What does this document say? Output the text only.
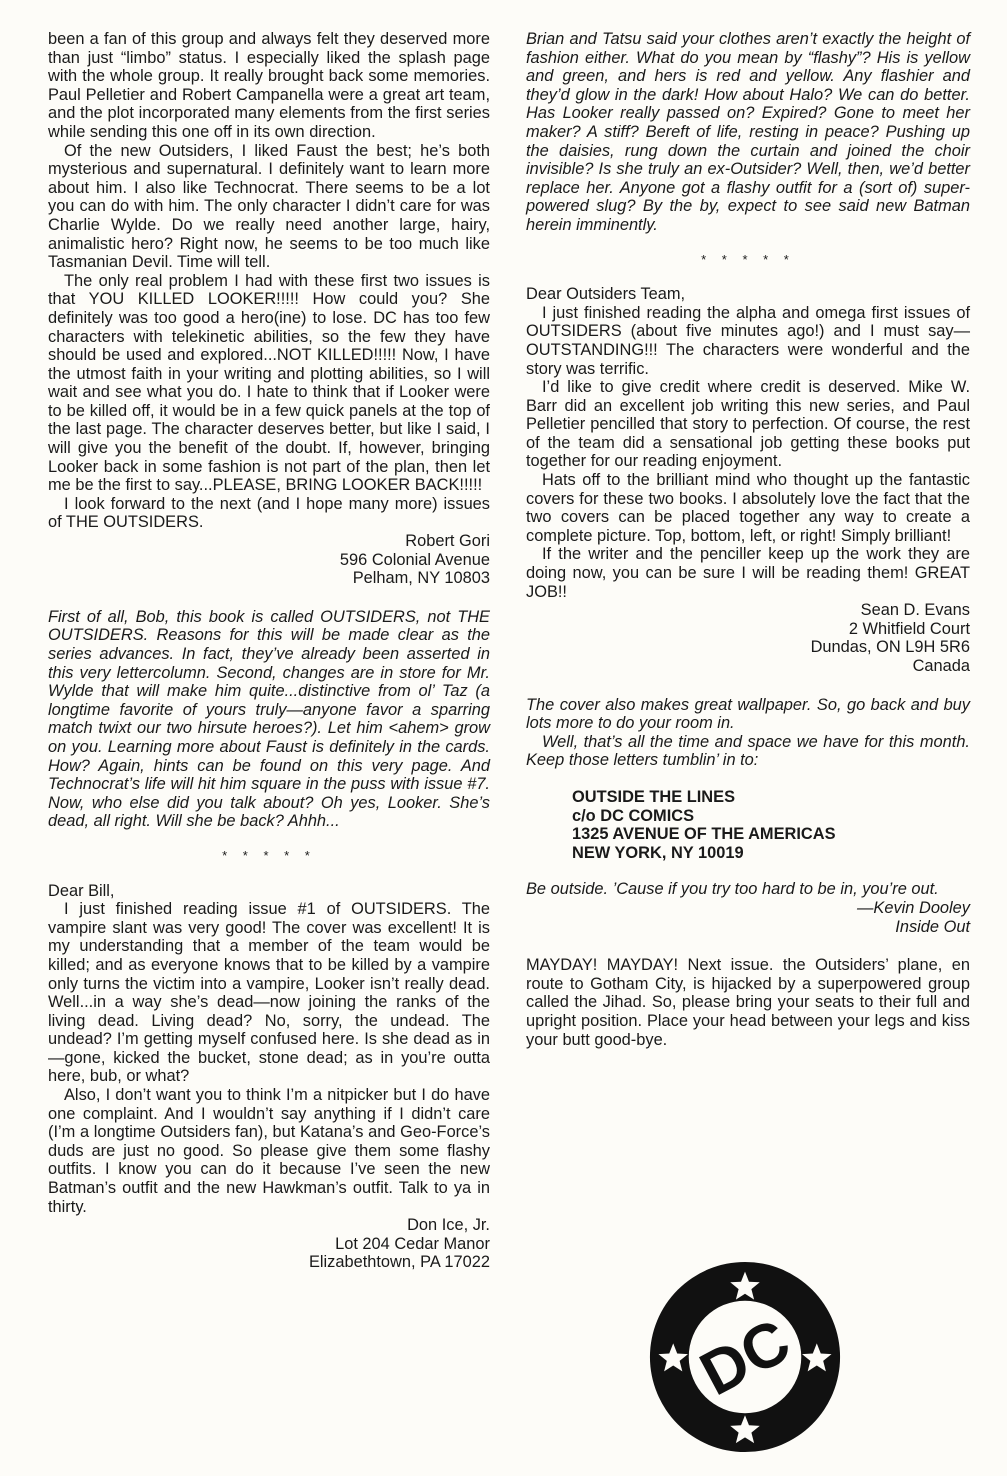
been a fan of this group and always felt they deserved more than just “limbo” status. I especially liked the splash page with the whole group. It really brought back some memories. Paul Pelletier and Robert Campanella were a great art team, and the plot incorporated many elements from the first series while sending this one off in its own direction.

Of the new Outsiders, I liked Faust the best; he’s both mysterious and supernatural. I definitely want to learn more about him. I also like Technocrat. There seems to be a lot you can do with him. The only character I didn’t care for was Charlie Wylde. Do we really need another large, hairy, animalistic hero? Right now, he seems to be too much like Tasmanian Devil. Time will tell.

The only real problem I had with these first two issues is that YOU KILLED LOOKER!!!!! How could you? She definitely was too good a hero(ine) to lose. DC has too few characters with telekinetic abilities, so the few they have should be used and explored...NOT KILLED!!!!! Now, I have the utmost faith in your writing and plotting abilities, so I will wait and see what you do. I hate to think that if Looker were to be killed off, it would be in a few quick panels at the top of the last page. The character deserves better, but like I said, I will give you the benefit of the doubt. If, however, bringing Looker back in some fashion is not part of the plan, then let me be the first to say...PLEASE, BRING LOOKER BACK!!!!!

I look forward to the next (and I hope many more) issues of THE OUTSIDERS.

Robert Gori

596 Colonial Avenue

Pelham, NY 10803

First of all, Bob, this book is called OUTSIDERS, not THE OUTSIDERS. Reasons for this will be made clear as the series advances. In fact, they’ve already been asserted in this very lettercolumn. Second, changes are in store for Mr. Wylde that will make him quite...distinctive from ol’ Taz (a longtime favorite of yours truly—anyone favor a sparring match twixt our two hirsute heroes?). Let him <ahem> grow on you. Learning more about Faust is definitely in the cards. How? Again, hints can be found on this very page. And Technocrat’s life will hit him square in the puss with issue #7. Now, who else did you talk about? Oh yes, Looker. She’s dead, all right. Will she be back? Ahhh...

* * * * *

Dear Bill,

I just finished reading issue #1 of OUTSIDERS. The vampire slant was very good! The cover was excellent! It is my understanding that a member of the team would be killed; and as everyone knows that to be killed by a vampire only turns the victim into a vampire, Looker isn’t really dead. Well...in a way she’s dead—now joining the ranks of the living dead. Living dead? No, sorry, the undead. The undead? I’m getting myself confused here. Is she dead as in—gone, kicked the bucket, stone dead; as in you’re outta here, bub, or what?

Also, I don’t want you to think I’m a nitpicker but I do have one complaint. And I wouldn’t say anything if I didn’t care (I’m a longtime Outsiders fan), but Katana’s and Geo-Force’s duds are just no good. So please give them some flashy outfits. I know you can do it because I’ve seen the new Batman’s outfit and the new Hawkman’s outfit. Talk to ya in thirty.

Don Ice, Jr.

Lot 204 Cedar Manor

Elizabethtown, PA 17022

Brian and Tatsu said your clothes aren’t exactly the height of fashion either. What do you mean by “flashy”? His is yellow and green, and hers is red and yellow. Any flashier and they’d glow in the dark! How about Halo? We can do better. Has Looker really passed on? Expired? Gone to meet her maker? A stiff? Bereft of life, resting in peace? Pushing up the daisies, rung down the curtain and joined the choir invisible? Is she truly an ex-Outsider? Well, then, we’d better replace her. Anyone got a flashy outfit for a (sort of) super-powered slug? By the by, expect to see said new Batman herein imminently.

* * * * *

Dear Outsiders Team,

I just finished reading the alpha and omega first issues of OUTSIDERS (about five minutes ago!) and I must say—OUTSTANDING!!! The characters were wonderful and the story was terrific.

I’d like to give credit where credit is deserved. Mike W. Barr did an excellent job writing this new series, and Paul Pelletier pencilled that story to perfection. Of course, the rest of the team did a sensational job getting these books put together for our reading enjoyment.

Hats off to the brilliant mind who thought up the fantastic covers for these two books. I absolutely love the fact that the two covers can be placed together any way to create a complete picture. Top, bottom, left, or right! Simply brilliant!

If the writer and the penciller keep up the work they are doing now, you can be sure I will be reading them! GREAT JOB!!

Sean D. Evans

2 Whitfield Court

Dundas, ON L9H 5R6

Canada

The cover also makes great wallpaper. So, go back and buy lots more to do your room in.

Well, that’s all the time and space we have for this month. Keep those letters tumblin’ in to:

OUTSIDE THE LINES

c/o DC COMICS

1325 AVENUE OF THE AMERICAS

NEW YORK, NY 10019

Be outside. ’Cause if you try too hard to be in, you’re out.

—Kevin Dooley

Inside Out

MAYDAY! MAYDAY! Next issue. the Outsiders’ plane, en route to Gotham City, is hijacked by a superpowered group called the Jihad. So, please bring your seats to their full and upright position. Place your head between your legs and kiss your butt good-bye.

DC
